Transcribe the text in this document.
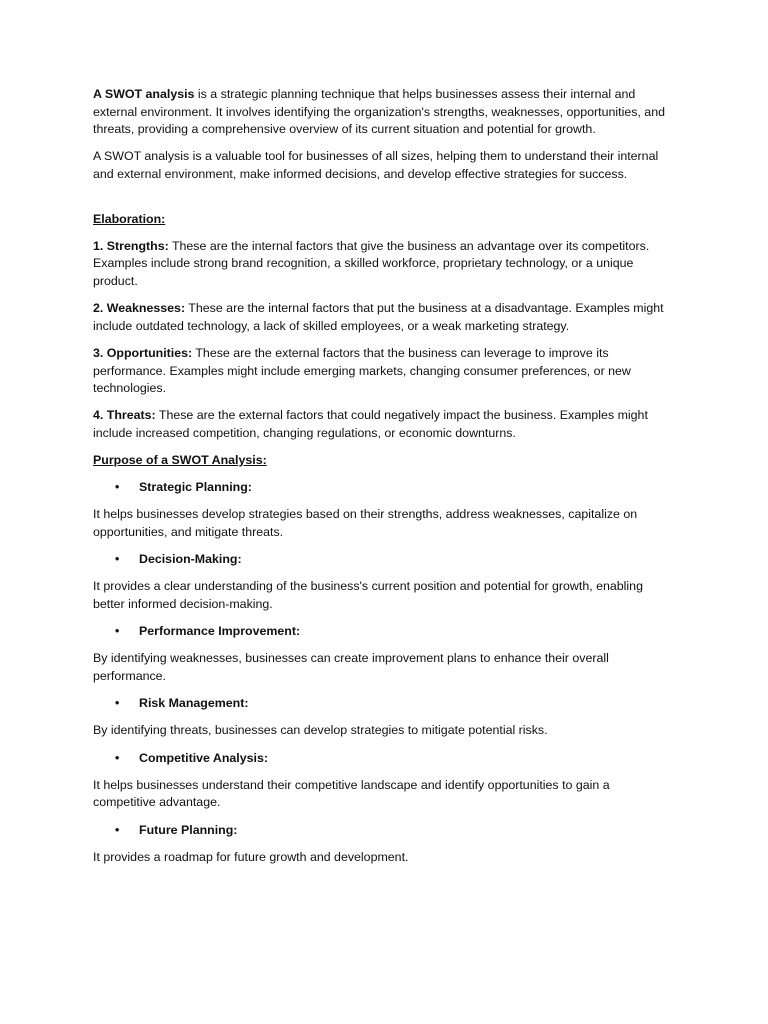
A SWOT analysis is a strategic planning technique that helps businesses assess their internal and external environment. It involves identifying the organization's strengths, weaknesses, opportunities, and threats, providing a comprehensive overview of its current situation and potential for growth.

A SWOT analysis is a valuable tool for businesses of all sizes, helping them to understand their internal and external environment, make informed decisions, and develop effective strategies for success.

Elaboration:

1. Strengths: These are the internal factors that give the business an advantage over its competitors. Examples include strong brand recognition, a skilled workforce, proprietary technology, or a unique product.

2. Weaknesses: These are the internal factors that put the business at a disadvantage. Examples might include outdated technology, a lack of skilled employees, or a weak marketing strategy.

3. Opportunities: These are the external factors that the business can leverage to improve its performance. Examples might include emerging markets, changing consumer preferences, or new technologies.

4. Threats: These are the external factors that could negatively impact the business. Examples might include increased competition, changing regulations, or economic downturns.

Purpose of a SWOT Analysis:

• Strategic Planning:

It helps businesses develop strategies based on their strengths, address weaknesses, capitalize on opportunities, and mitigate threats.

• Decision-Making:

It provides a clear understanding of the business's current position and potential for growth, enabling better informed decision-making.

• Performance Improvement:

By identifying weaknesses, businesses can create improvement plans to enhance their overall performance.

• Risk Management:

By identifying threats, businesses can develop strategies to mitigate potential risks.

• Competitive Analysis:

It helps businesses understand their competitive landscape and identify opportunities to gain a competitive advantage.

• Future Planning:

It provides a roadmap for future growth and development.
